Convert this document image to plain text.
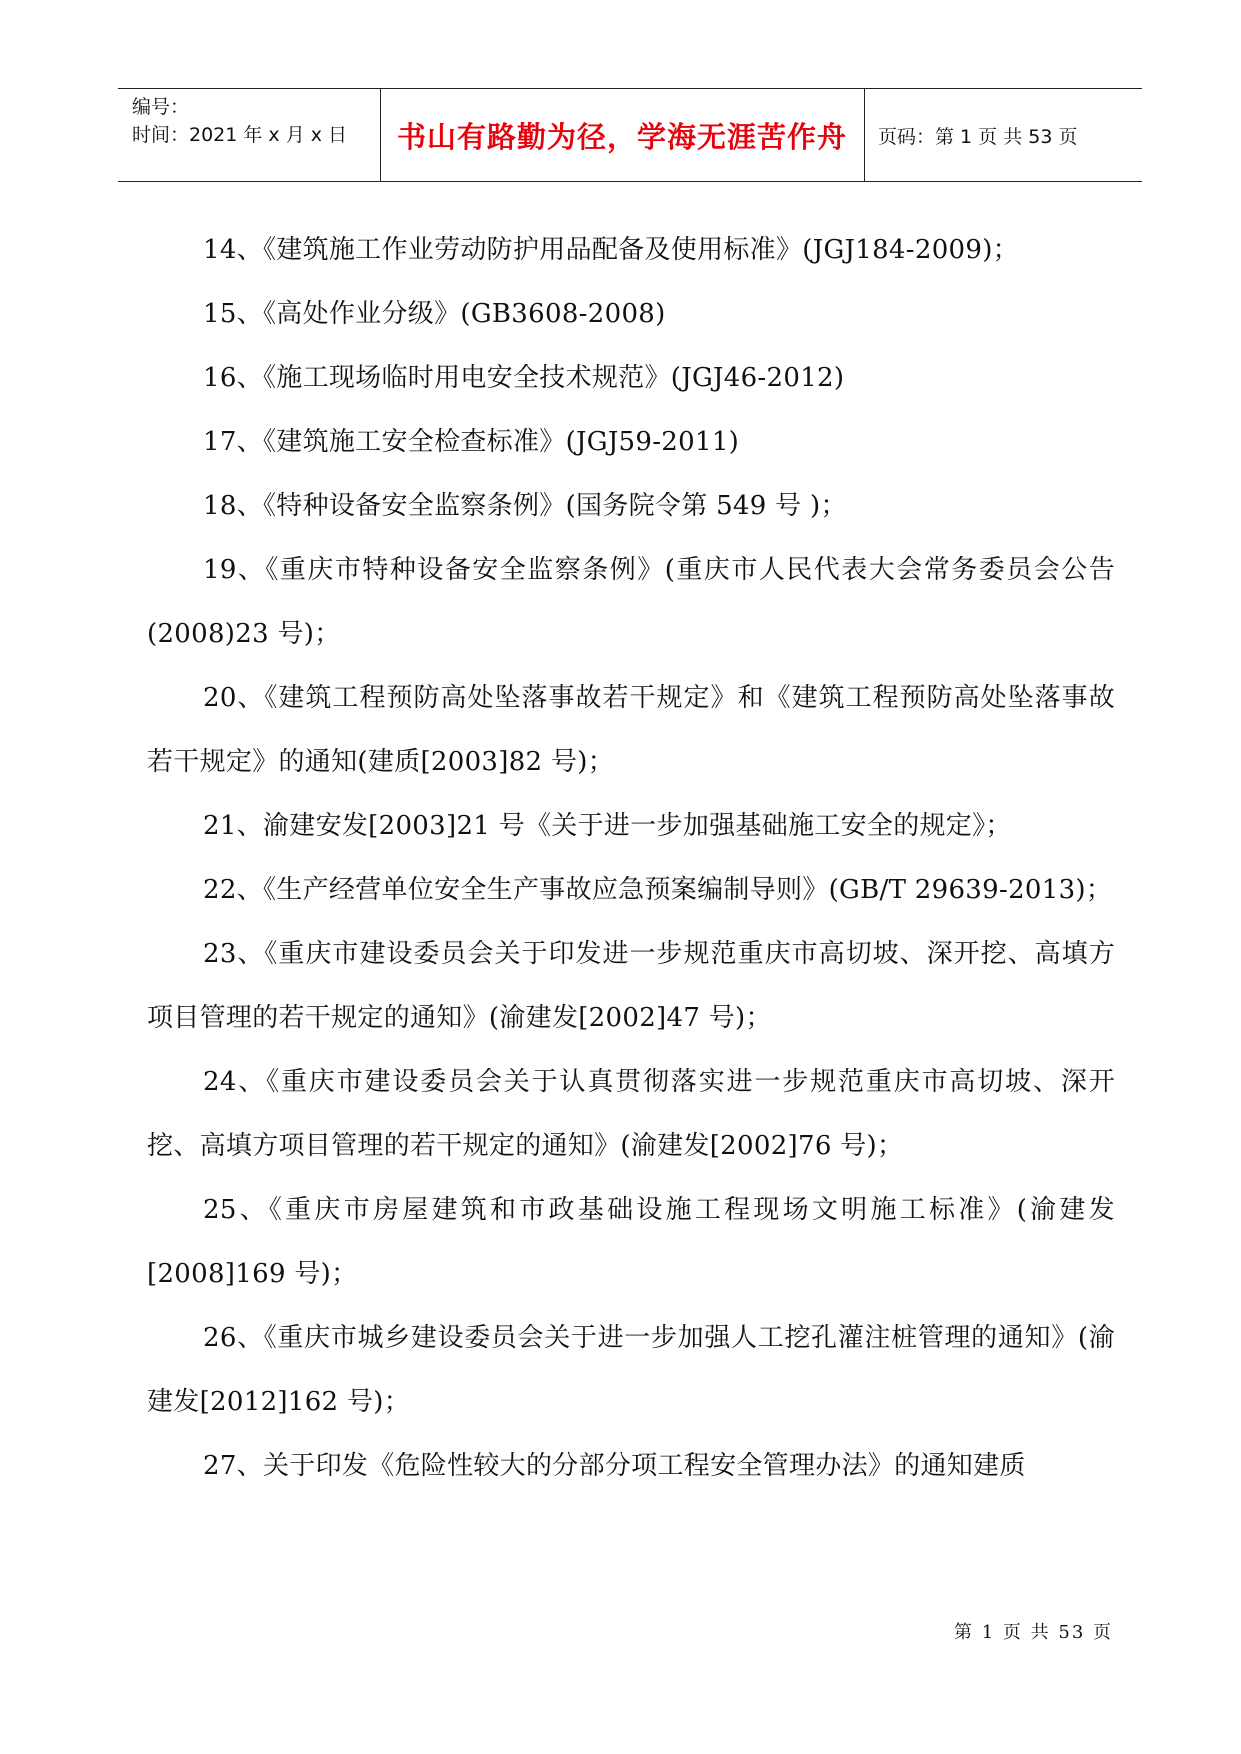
编号：
时间：2021 年 x 月 x 日	书山有路勤为径，学海无涯苦作舟	页码：第 1 页 共 53 页

14、《建筑施工作业劳动防护用品配备及使用标准》(JGJ184-2009)；

15、《高处作业分级》(GB3608-2008)

16、《施工现场临时用电安全技术规范》(JGJ46-2012)

17、《建筑施工安全检查标准》(JGJ59-2011)

18、《特种设备安全监察条例》(国务院令第 549 号 )；

19、《重庆市特种设备安全监察条例》(重庆市人民代表大会常务委员会公告(2008)23 号)；

20、《建筑工程预防高处坠落事故若干规定》和《建筑工程预防高处坠落事故若干规定》的通知(建质[2003]82 号)；

21、渝建安发[2003]21 号《关于进一步加强基础施工安全的规定》；

22、《生产经营单位安全生产事故应急预案编制导则》(GB/T 29639-2013)；

23、《重庆市建设委员会关于印发进一步规范重庆市高切坡、深开挖、高填方项目管理的若干规定的通知》(渝建发[2002]47 号)；

24、《重庆市建设委员会关于认真贯彻落实进一步规范重庆市高切坡、深开挖、高填方项目管理的若干规定的通知》(渝建发[2002]76 号)；

25、《重庆市房屋建筑和市政基础设施工程现场文明施工标准》(渝建发[2008]169 号)；

26、《重庆市城乡建设委员会关于进一步加强人工挖孔灌注桩管理的通知》(渝建发[2012]162 号)；

27、关于印发《危险性较大的分部分项工程安全管理办法》的通知建质

第 1 页 共 53 页
